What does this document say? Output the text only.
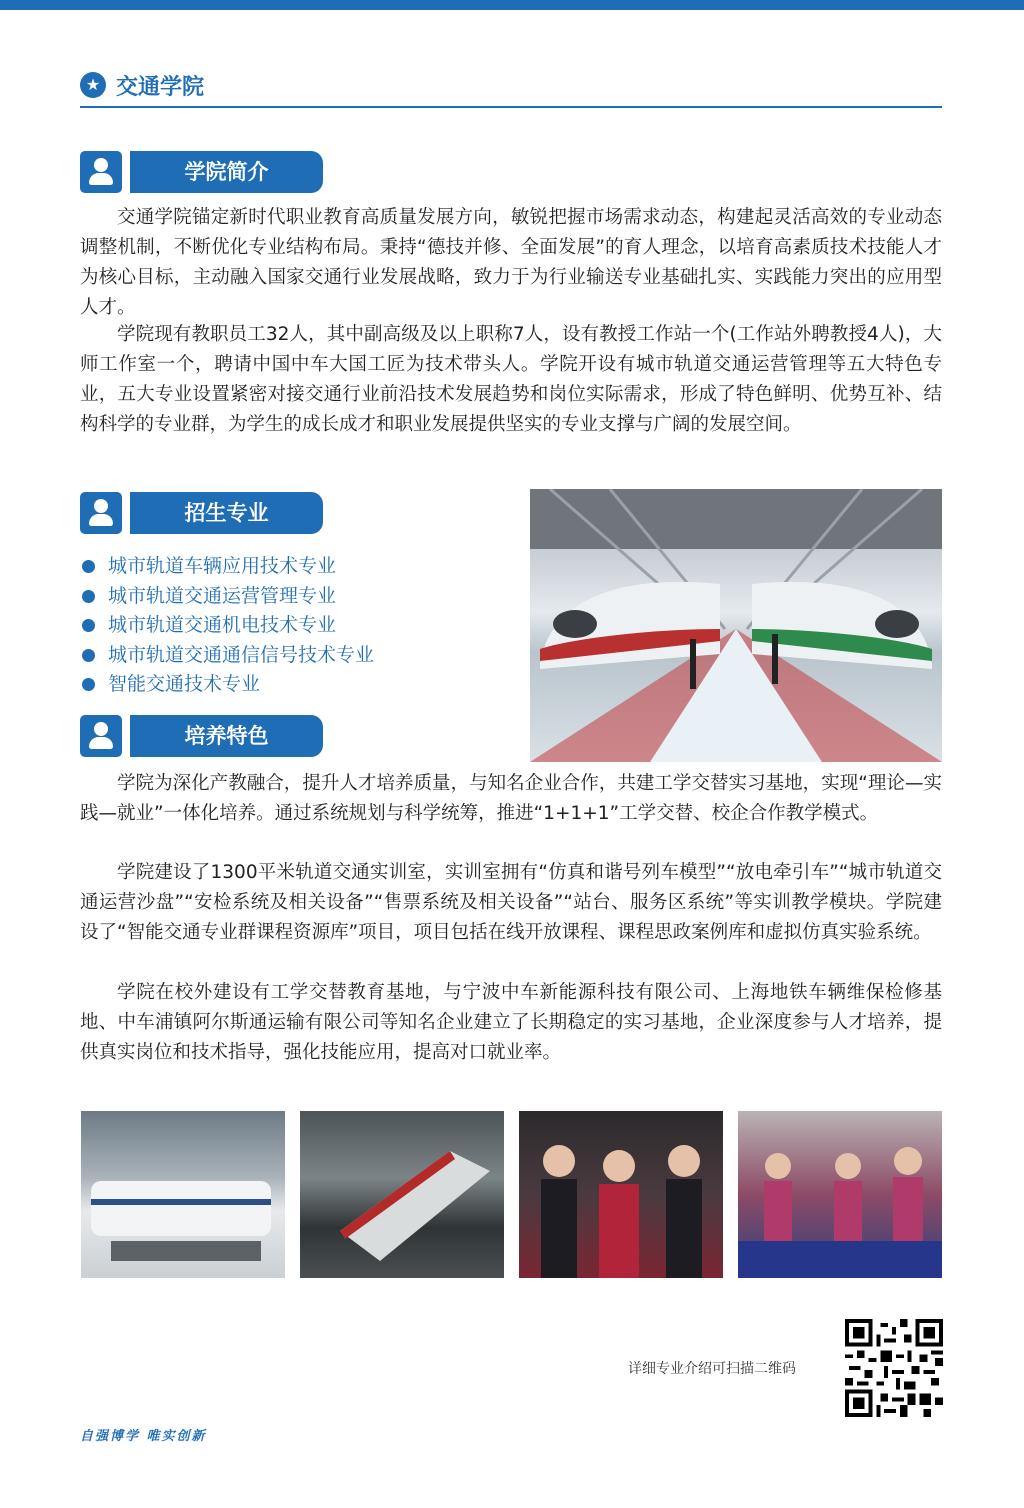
★ 交通学院
学院简介

交通学院锚定新时代职业教育高质量发展方向，敏锐把握市场需求动态，构建起灵活高效的专业动态调整机制，不断优化专业结构布局。秉持“德技并修、全面发展”的育人理念，以培育高素质技术技能人才为核心目标，主动融入国家交通行业发展战略，致力于为行业输送专业基础扎实、实践能力突出的应用型人才。

学院现有教职员工32人，其中副高级及以上职称7人，设有教授工作站一个(工作站外聘教授4人)，大师工作室一个，聘请中国中车大国工匠为技术带头人。学院开设有城市轨道交通运营管理等五大特色专业，五大专业设置紧密对接交通行业前沿技术发展趋势和岗位实际需求，形成了特色鲜明、优势互补、结构科学的专业群，为学生的成长成才和职业发展提供坚实的专业支撑与广阔的发展空间。

招生专业
城市轨道车辆应用技术专业
城市轨道交通运营管理专业
城市轨道交通机电技术专业
城市轨道交通通信信号技术专业
智能交通技术专业
培养特色

学院为深化产教融合，提升人才培养质量，与知名企业合作，共建工学交替实习基地，实现“理论—实践—就业”一体化培养。通过系统规划与科学统筹，推进“1+1+1”工学交替、校企合作教学模式。

学院建设了1300平米轨道交通实训室，实训室拥有“仿真和谐号列车模型”“放电牵引车”“城市轨道交通运营沙盘”“安检系统及相关设备”“售票系统及相关设备”“站台、服务区系统”等实训教学模块。学院建设了“智能交通专业群课程资源库”项目，项目包括在线开放课程、课程思政案例库和虚拟仿真实验系统。

学院在校外建设有工学交替教育基地，与宁波中车新能源科技有限公司、上海地铁车辆维保检修基地、中车浦镇阿尔斯通运输有限公司等知名企业建立了长期稳定的实习基地，企业深度参与人才培养，提供真实岗位和技术指导，强化技能应用，提高对口就业率。

详细专业介绍可扫描二维码
自强博学 唯实创新
